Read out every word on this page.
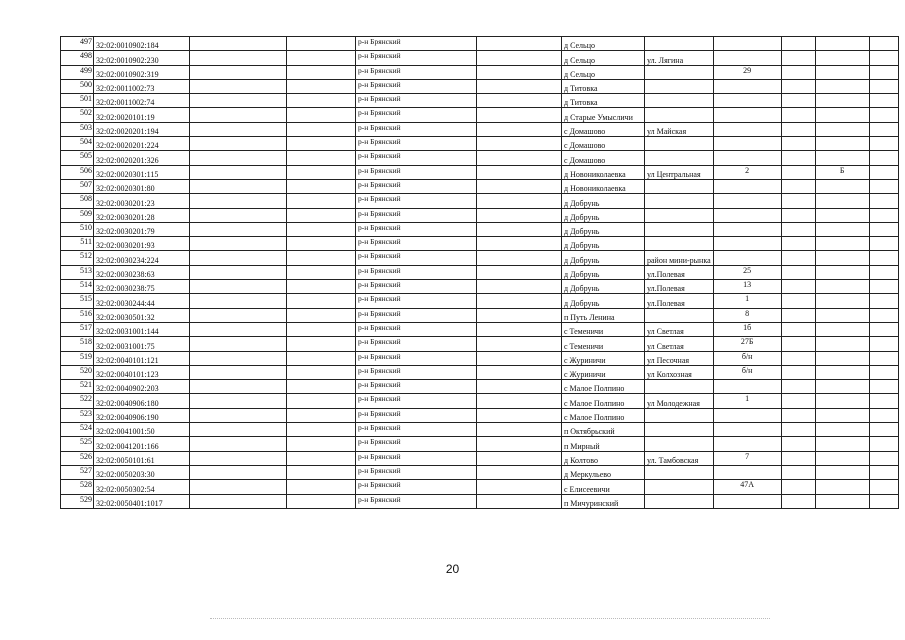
497	32:02:0010902:184			р-н Брянский		д Сельцо					
498	32:02:0010902:230			р-н Брянский		д Сельцо	ул. Лягина				
499	32:02:0010902:319			р-н Брянский		д Сельцо		29			
500	32:02:0011002:73			р-н Брянский		д Титовка					
501	32:02:0011002:74			р-н Брянский		д Титовка					
502	32:02:0020101:19			р-н Брянский		д Старые Умысличи					
503	32:02:0020201:194			р-н Брянский		с Домашово	ул Майская				
504	32:02:0020201:224			р-н Брянский		с Домашово					
505	32:02:0020201:326			р-н Брянский		с Домашово					
506	32:02:0020301:115			р-н Брянский		д Новониколаевка	ул Центральная	2		Б	
507	32:02:0020301:80			р-н Брянский		д Новониколаевка					
508	32:02:0030201:23			р-н Брянский		д Добрунь					
509	32:02:0030201:28			р-н Брянский		д Добрунь					
510	32:02:0030201:79			р-н Брянский		д Добрунь					
511	32:02:0030201:93			р-н Брянский		д Добрунь					
512	32:02:0030234:224			р-н Брянский		д Добрунь	район мини-рынка				
513	32:02:0030238:63			р-н Брянский		д Добрунь	ул.Полевая	25			
514	32:02:0030238:75			р-н Брянский		д Добрунь	ул.Полевая	13			
515	32:02:0030244:44			р-н Брянский		д Добрунь	ул.Полевая	1			
516	32:02:0030501:32			р-н Брянский		п Путь Ленина		8			
517	32:02:0031001:144			р-н Брянский		с Теменичи	ул Светлая	1б			
518	32:02:0031001:75			р-н Брянский		с Теменичи	ул Светлая	27Б			
519	32:02:0040101:121			р-н Брянский		с Журиничи	ул Песочная	б/н			
520	32:02:0040101:123			р-н Брянский		с Журиничи	ул Колхозная	б/н			
521	32:02:0040902:203			р-н Брянский		с Малое Полпино					
522	32:02:0040906:180			р-н Брянский		с Малое Полпино	ул Молодежная	1			
523	32:02:0040906:190			р-н Брянский		с Малое Полпино					
524	32:02:0041001:50			р-н Брянский		п Октябрьский					
525	32:02:0041201:166			р-н Брянский		п Мирный					
526	32:02:0050101:61			р-н Брянский		д Колтово	ул. Тамбовская	7			
527	32:02:0050203:30			р-н Брянский		д Меркульево					
528	32:02:0050302:54			р-н Брянский		с Елисеевичи		47А			
529	32:02:0050401:1017			р-н Брянский		п Мичуринский					
20
